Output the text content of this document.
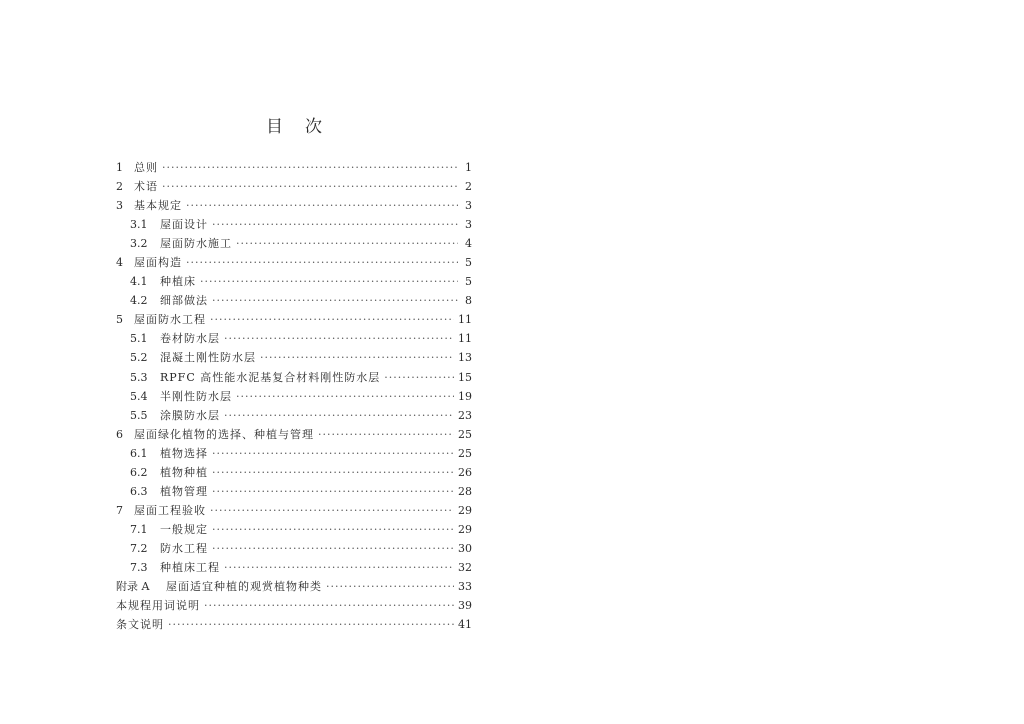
目 次
1	总则 ·····	1
2	术语 ·····	2
3	基本规定 ·····	3
3.1	屋面设计 ·····	3
3.2	屋面防水施工 ·····	4
4	屋面构造 ·····	5
4.1	种植床 ·····	5
4.2	细部做法 ·····	8
5	屋面防水工程 ·····	11
5.1	卷材防水层 ·····	11
5.2	混凝土刚性防水层 ·····	13
5.3	RPFC 高性能水泥基复合材料刚性防水层 ·····	15
5.4	半刚性防水层 ·····	19
5.5	涂膜防水层 ·····	23
6	屋面绿化植物的选择、种植与管理 ·····	25
6.1	植物选择 ·····	25
6.2	植物种植 ·····	26
6.3	植物管理 ·····	28
7	屋面工程验收 ·····	29
7.1	一般规定 ·····	29
7.2	防水工程 ·····	30
7.3	种植床工程 ·····	32
附录 A	屋面适宜种植的观赏植物种类 ·····	33
本规程用词说明 ·····	39
条文说明 ·····	41
